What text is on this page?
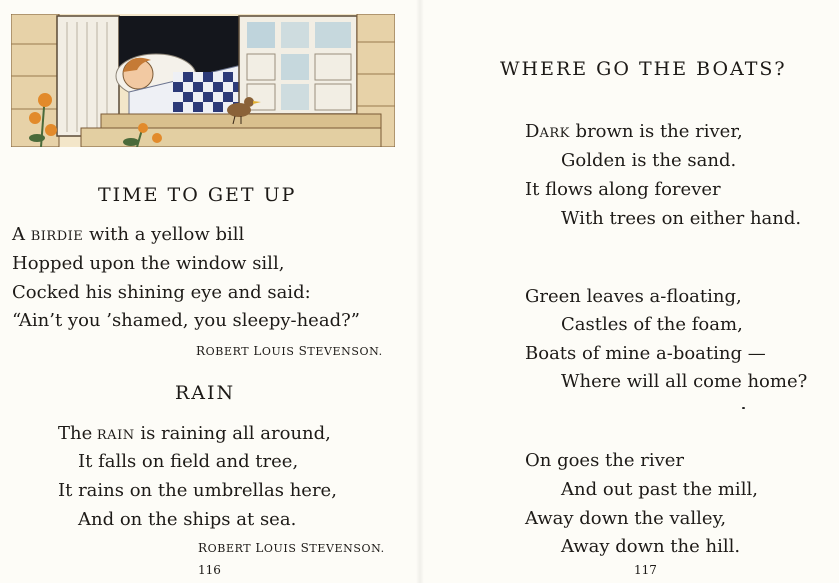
TIME TO GET UP
A BIRDIE with a yellow bill
Hopped upon the window sill,
Cocked his shining eye and said:
“Ain’t you ’shamed, you sleepy-head?”
ROBERT LOUIS STEVENSON.
RAIN
The RAIN is raining all around,
It falls on field and tree,
It rains on the umbrellas here,
And on the ships at sea.
ROBERT LOUIS STEVENSON.
116
WHERE GO THE BOATS?
DARK brown is the river,
Golden is the sand.
It flows along forever
With trees on either hand.
Green leaves a-floating,
Castles of the foam,
Boats of mine a-boating —
Where will all come home?
On goes the river
And out past the mill,
Away down the valley,
Away down the hill.
117
